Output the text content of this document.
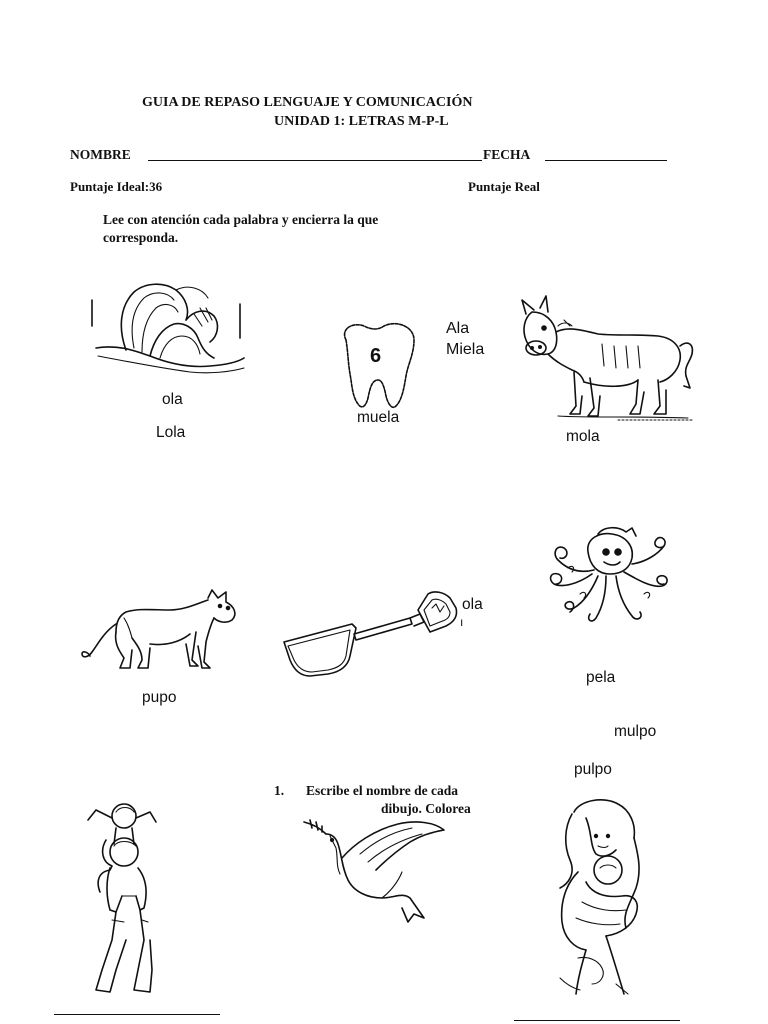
GUIA DE REPASO LENGUAJE Y COMUNICACIÓN
UNIDAD 1: LETRAS M-P-L
NOMBRE	FECHA
Puntaje Ideal:36	Puntaje Real
Lee con atención cada palabra y encierra la que
corresponda.
ola
Lola
Ala
Miela
muela
mola
pupo
ola
ı
pela
mulpo
pulpo
1. Escribe el nombre de cada
dibujo. Colorea
6
